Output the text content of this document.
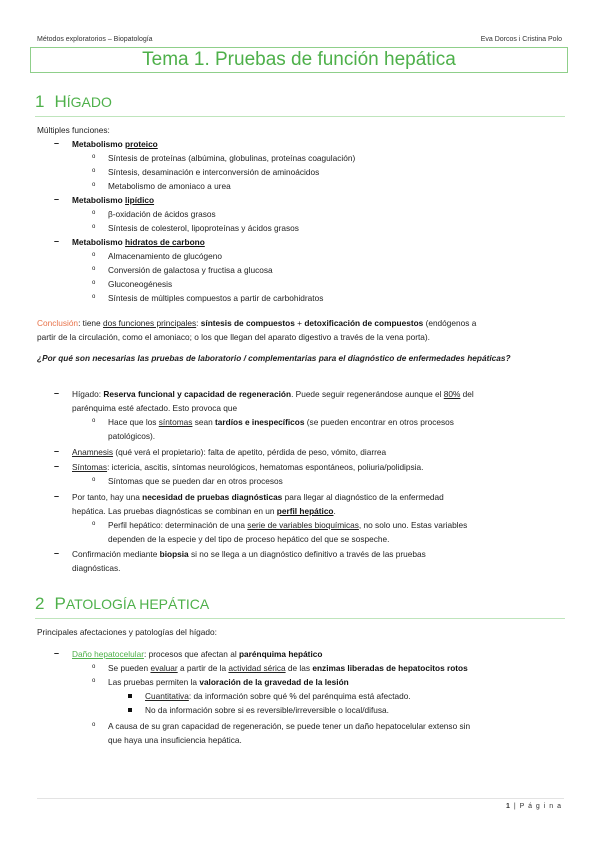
Métodos exploratorios – Biopatología	Eva Dorcos i Cristina Polo
Tema 1. Pruebas de función hepática
1 HÍGADO
Múltiples funciones:
– Metabolismo proteico
o Síntesis de proteínas (albúmina, globulinas, proteínas coagulación)
o Síntesis, desaminación e interconversión de aminoácidos
o Metabolismo de amoniaco a urea
– Metabolismo lipídico
o β-oxidación de ácidos grasos
o Síntesis de colesterol, lipoproteínas y ácidos grasos
– Metabolismo hidratos de carbono
o Almacenamiento de glucógeno
o Conversión de galactosa y fructisa a glucosa
o Gluconeogénesis
o Síntesis de múltiples compuestos a partir de carbohidratos
Conclusión: tiene dos funciones principales: síntesis de compuestos + detoxificación de compuestos (endógenos a
partir de la circulación, como el amoniaco; o los que llegan del aparato digestivo a través de la vena porta).
¿Por qué son necesarias las pruebas de laboratorio / complementarias para el diagnóstico de enfermedades hepáticas?
– Hígado: Reserva funcional y capacidad de regeneración. Puede seguir regenerándose aunque el 80% del
parénquima esté afectado. Esto provoca que
o Hace que los síntomas sean tardíos e inespecíficos (se pueden encontrar en otros procesos
patológicos).
– Anamnesis (qué verá el propietario): falta de apetito, pérdida de peso, vómito, diarrea
– Síntomas: ictericia, ascitis, síntomas neurológicos, hematomas espontáneos, poliuria/polidipsia.
o Síntomas que se pueden dar en otros procesos
– Por tanto, hay una necesidad de pruebas diagnósticas para llegar al diagnóstico de la enfermedad
hepática. Las pruebas diagnósticas se combinan en un perfil hepático.
o Perfil hepático: determinación de una serie de variables bioquímicas, no solo uno. Estas variables
dependen de la especie y del tipo de proceso hepático del que se sospeche.
– Confirmación mediante biopsia si no se llega a un diagnóstico definitivo a través de las pruebas
diagnósticas.
2 PATOLOGÍA HEPÁTICA
Principales afectaciones y patologías del hígado:
– Daño hepatocelular: procesos que afectan al parénquima hepático
o Se pueden evaluar a partir de la actividad sérica de las enzimas liberadas de hepatocitos rotos
o Las pruebas permiten la valoración de la gravedad de la lesión
Cuantitativa: da información sobre qué % del parénquima está afectado.
No da información sobre si es reversible/irreversible o local/difusa.
o A causa de su gran capacidad de regeneración, se puede tener un daño hepatocelular extenso sin
que haya una insuficiencia hepática.
1 | P á g i n a
